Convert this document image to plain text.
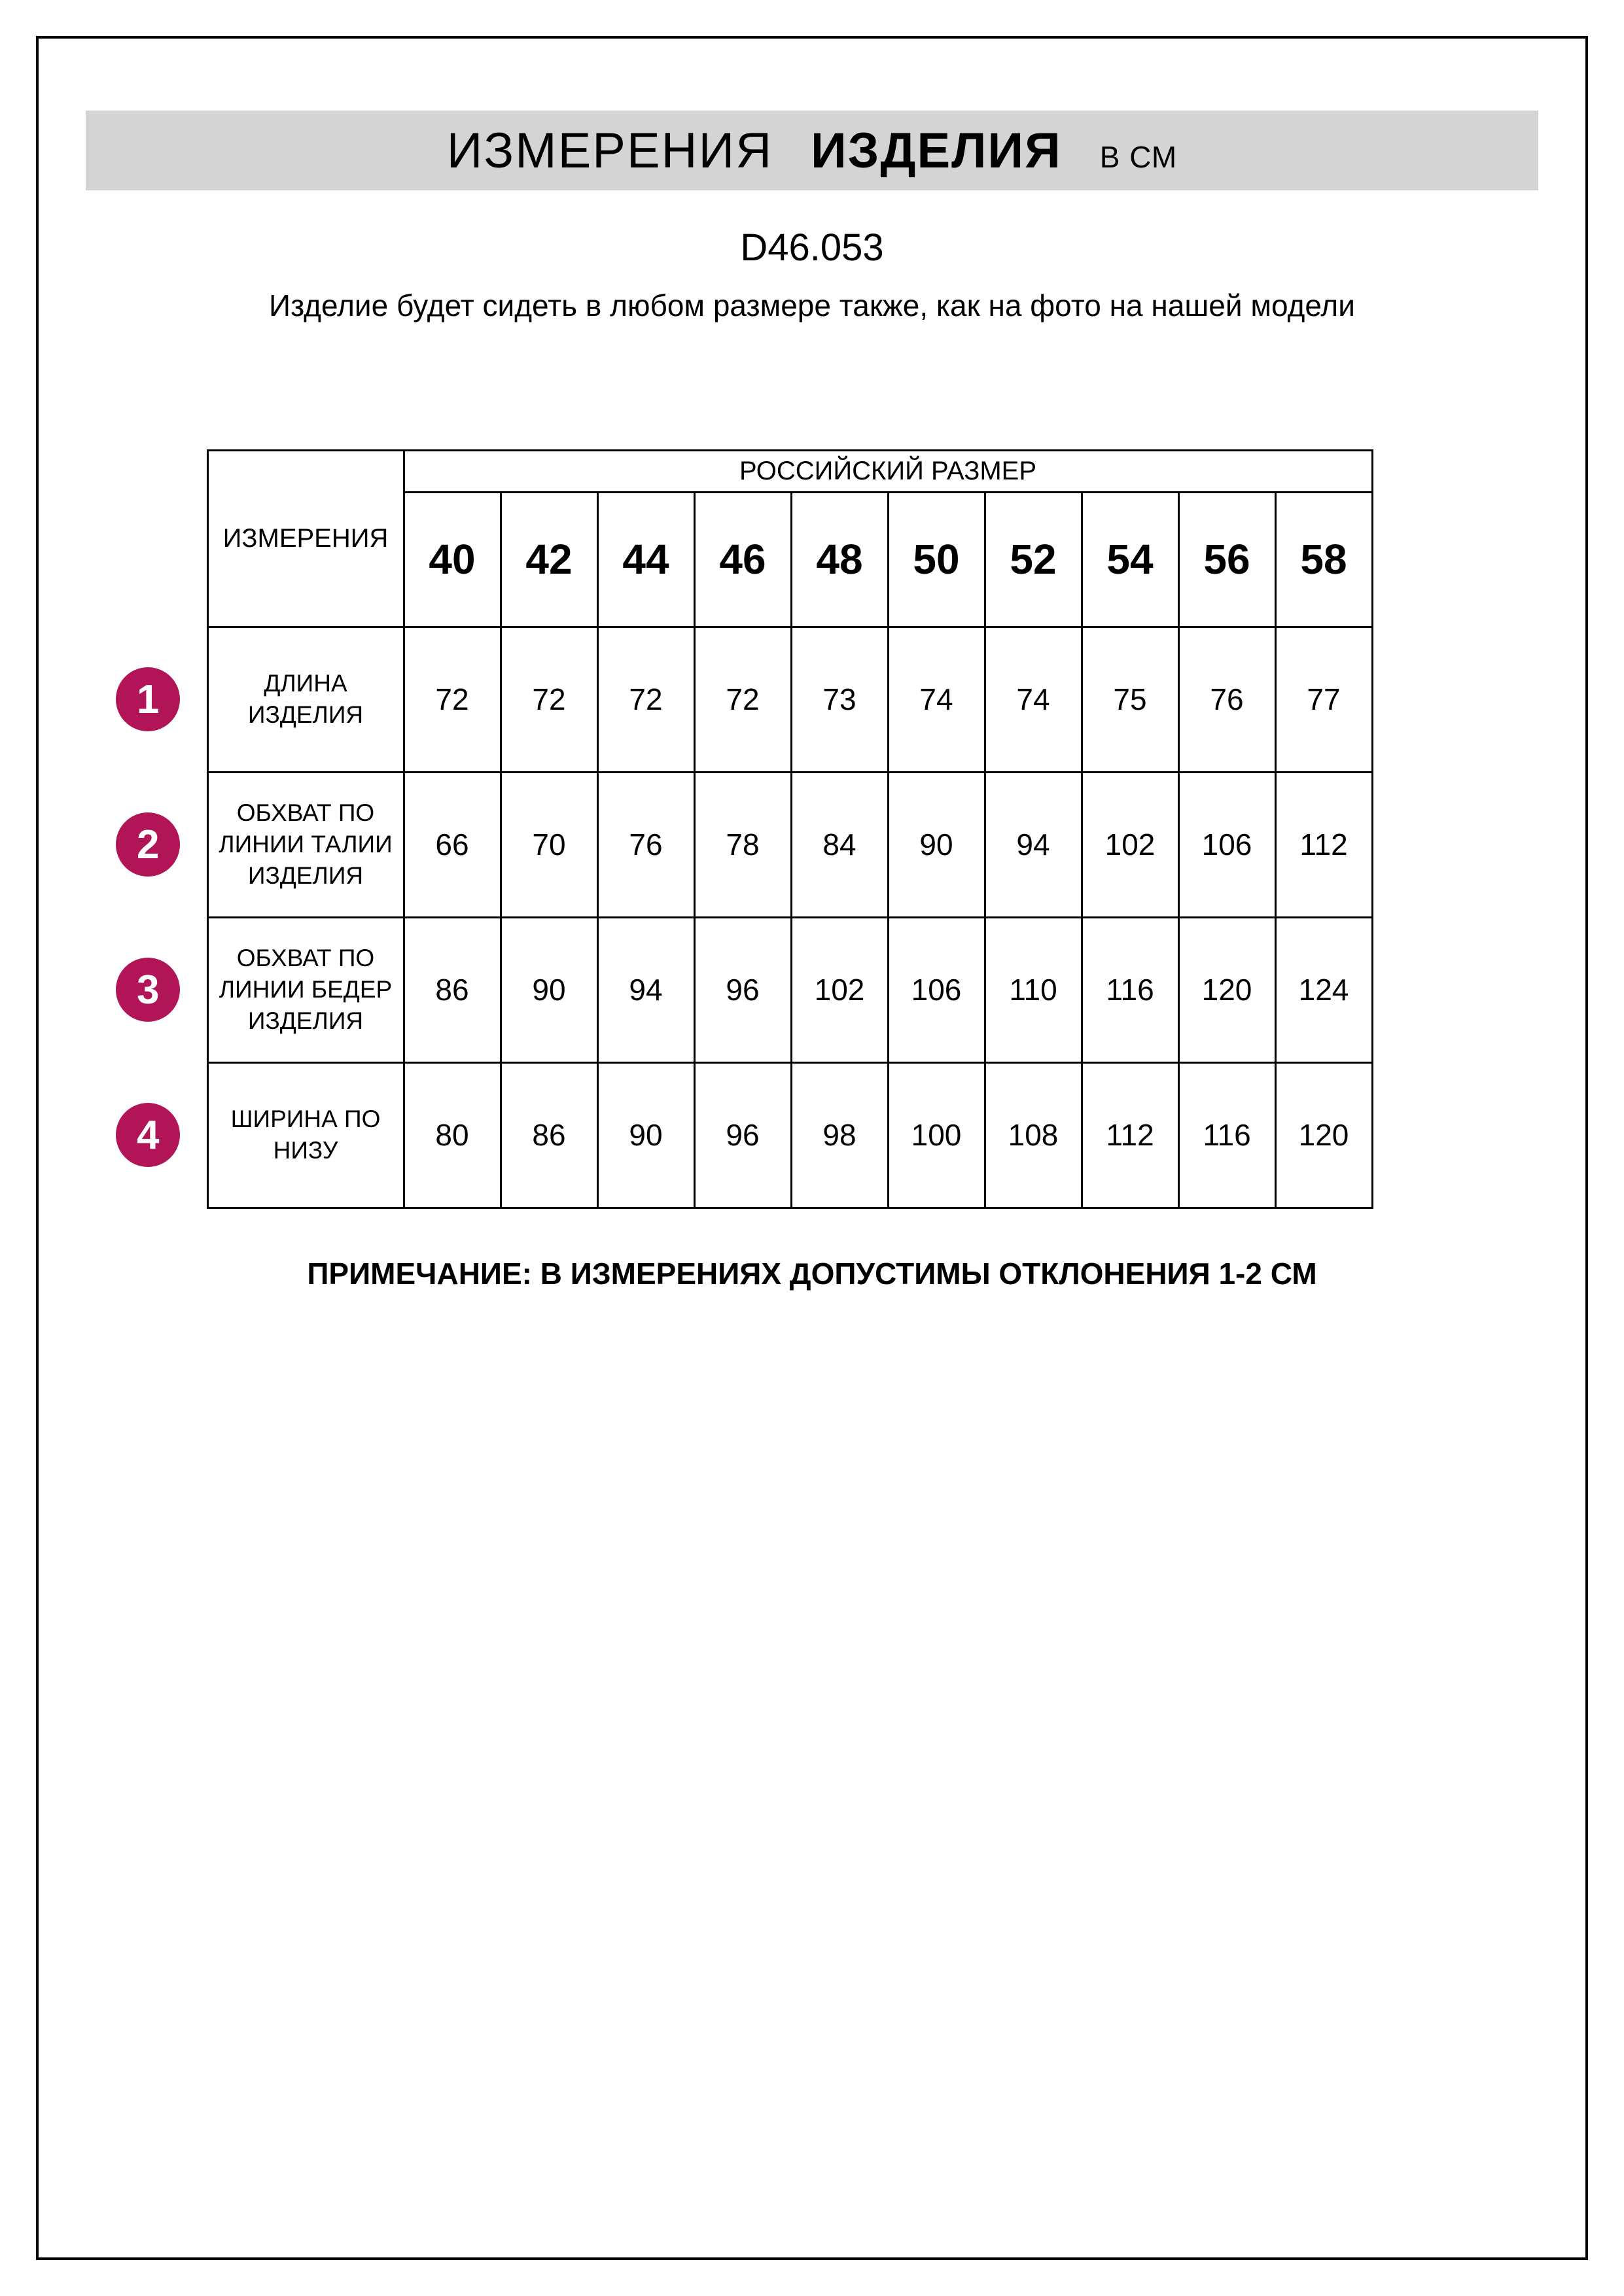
ИЗМЕРЕНИЯ ИЗДЕЛИЯ В СМ
D46.053
Изделие будет сидеть в любом размере также, как на фото на нашей модели
	ИЗМЕРЕНИЯ	РОССИЙСКИЙ РАЗМЕР									
		40	42	44	46	48	50	52	54	56	58

1	ДЛИНА ИЗДЕЛИЯ	72	72	72	72	73	74	74	75	76	77

2	ОБХВАТ ПО ЛИНИИ ТАЛИИ ИЗДЕЛИЯ	66	70	76	78	84	90	94	102	106	112

3	ОБХВАТ ПО ЛИНИИ БЕДЕР ИЗДЕЛИЯ	86	90	94	96	102	106	110	116	120	124

4	ШИРИНА ПО НИЗУ	80	86	90	96	98	100	108	112	116	120
ПРИМЕЧАНИЕ: В ИЗМЕРЕНИЯХ ДОПУСТИМЫ ОТКЛОНЕНИЯ 1-2 СМ
